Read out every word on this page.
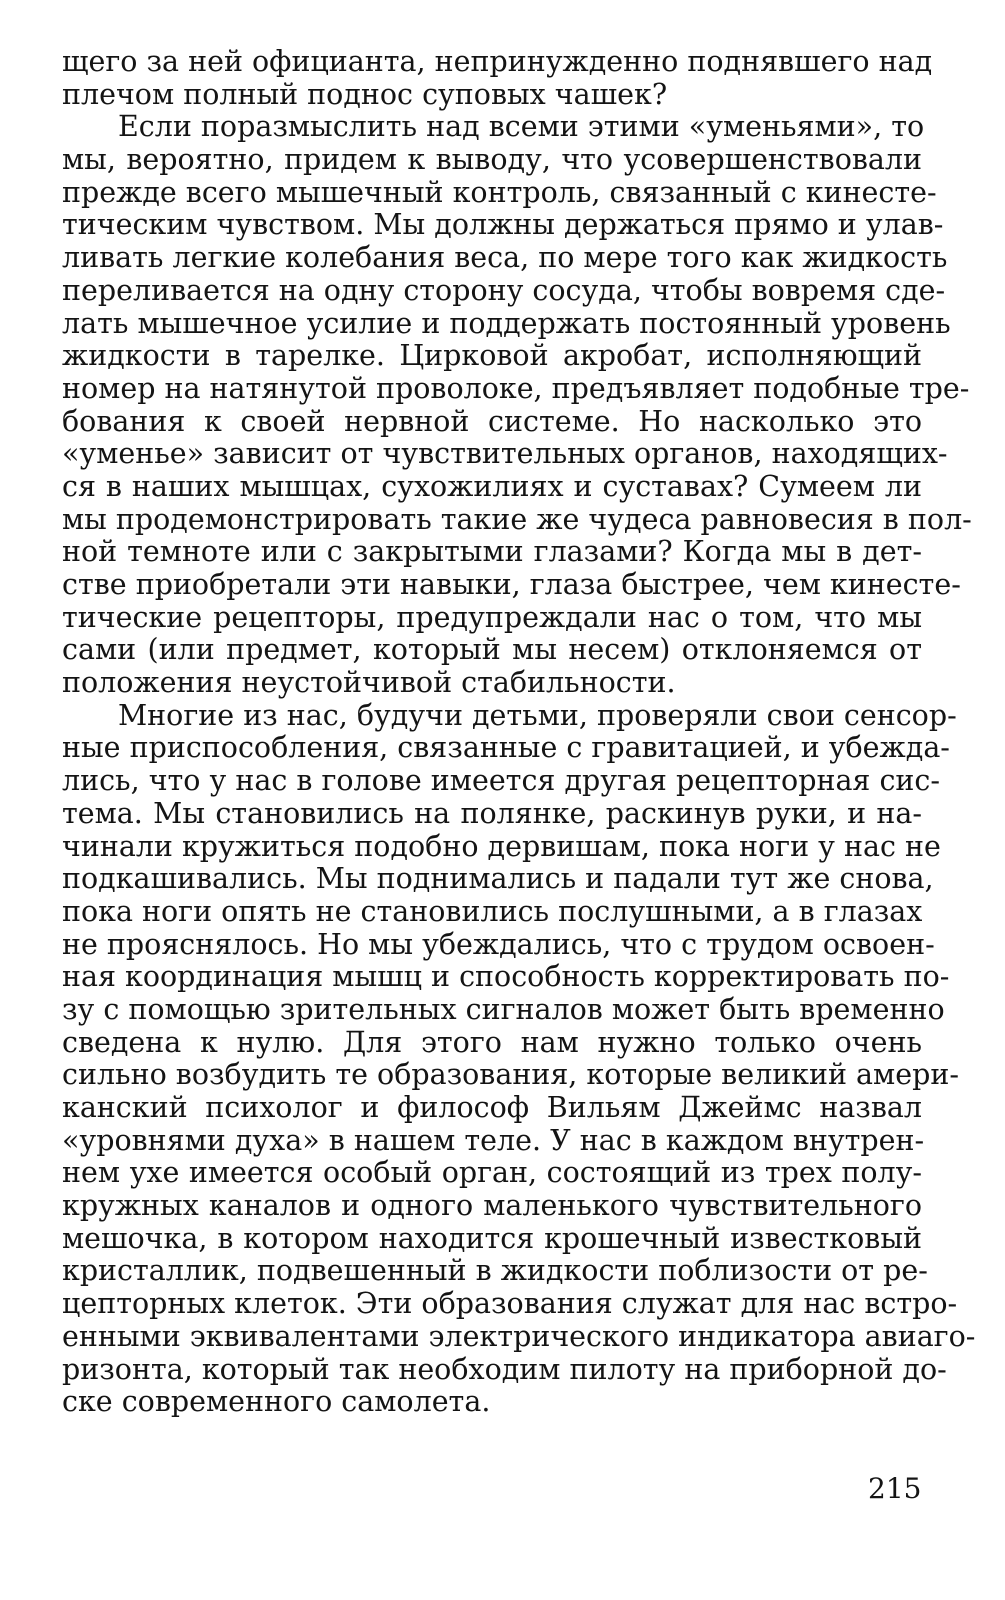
щего за ней официанта, непринужденно поднявшего над
плечом полный поднос суповых чашек?
Если поразмыслить над всеми этими «уменьями», то
мы, вероятно, придем к выводу, что усовершенствовали
прежде всего мышечный контроль, связанный с кинесте-
тическим чувством. Мы должны держаться прямо и улав-
ливать легкие колебания веса, по мере того как жидкость
переливается на одну сторону сосуда, чтобы вовремя сде-
лать мышечное усилие и поддержать постоянный уровень
жидкости в тарелке. Цирковой акробат, исполняющий
номер на натянутой проволоке, предъявляет подобные тре-
бования к своей нервной системе. Но насколько это
«уменье» зависит от чувствительных органов, находящих-
ся в наших мышцах, сухожилиях и суставах? Сумеем ли
мы продемонстрировать такие же чудеса равновесия в пол-
ной темноте или с закрытыми глазами? Когда мы в дет-
стве приобретали эти навыки, глаза быстрее, чем кинесте-
тические рецепторы, предупреждали нас о том, что мы
сами (или предмет, который мы несем) отклоняемся от
положения неустойчивой стабильности.
Многие из нас, будучи детьми, проверяли свои сенсор-
ные приспособления, связанные с гравитацией, и убежда-
лись, что у нас в голове имеется другая рецепторная сис-
тема. Мы становились на полянке, раскинув руки, и на-
чинали кружиться подобно дервишам, пока ноги у нас не
подкашивались. Мы поднимались и падали тут же снова,
пока ноги опять не становились послушными, а в глазах
не прояснялось. Но мы убеждались, что с трудом освоен-
ная координация мышц и способность корректировать по-
зу с помощью зрительных сигналов может быть временно
сведена к нулю. Для этого нам нужно только очень
сильно возбудить те образования, которые великий амери-
канский психолог и философ Вильям Джеймс назвал
«уровнями духа» в нашем теле. У нас в каждом внутрен-
нем ухе имеется особый орган, состоящий из трех полу-
кружных каналов и одного маленького чувствительного
мешочка, в котором находится крошечный известковый
кристаллик, подвешенный в жидкости поблизости от ре-
цепторных клеток. Эти образования служат для нас встро-
енными эквивалентами электрического индикатора авиаго-
ризонта, который так необходим пилоту на приборной до-
ске современного самолета.
215
